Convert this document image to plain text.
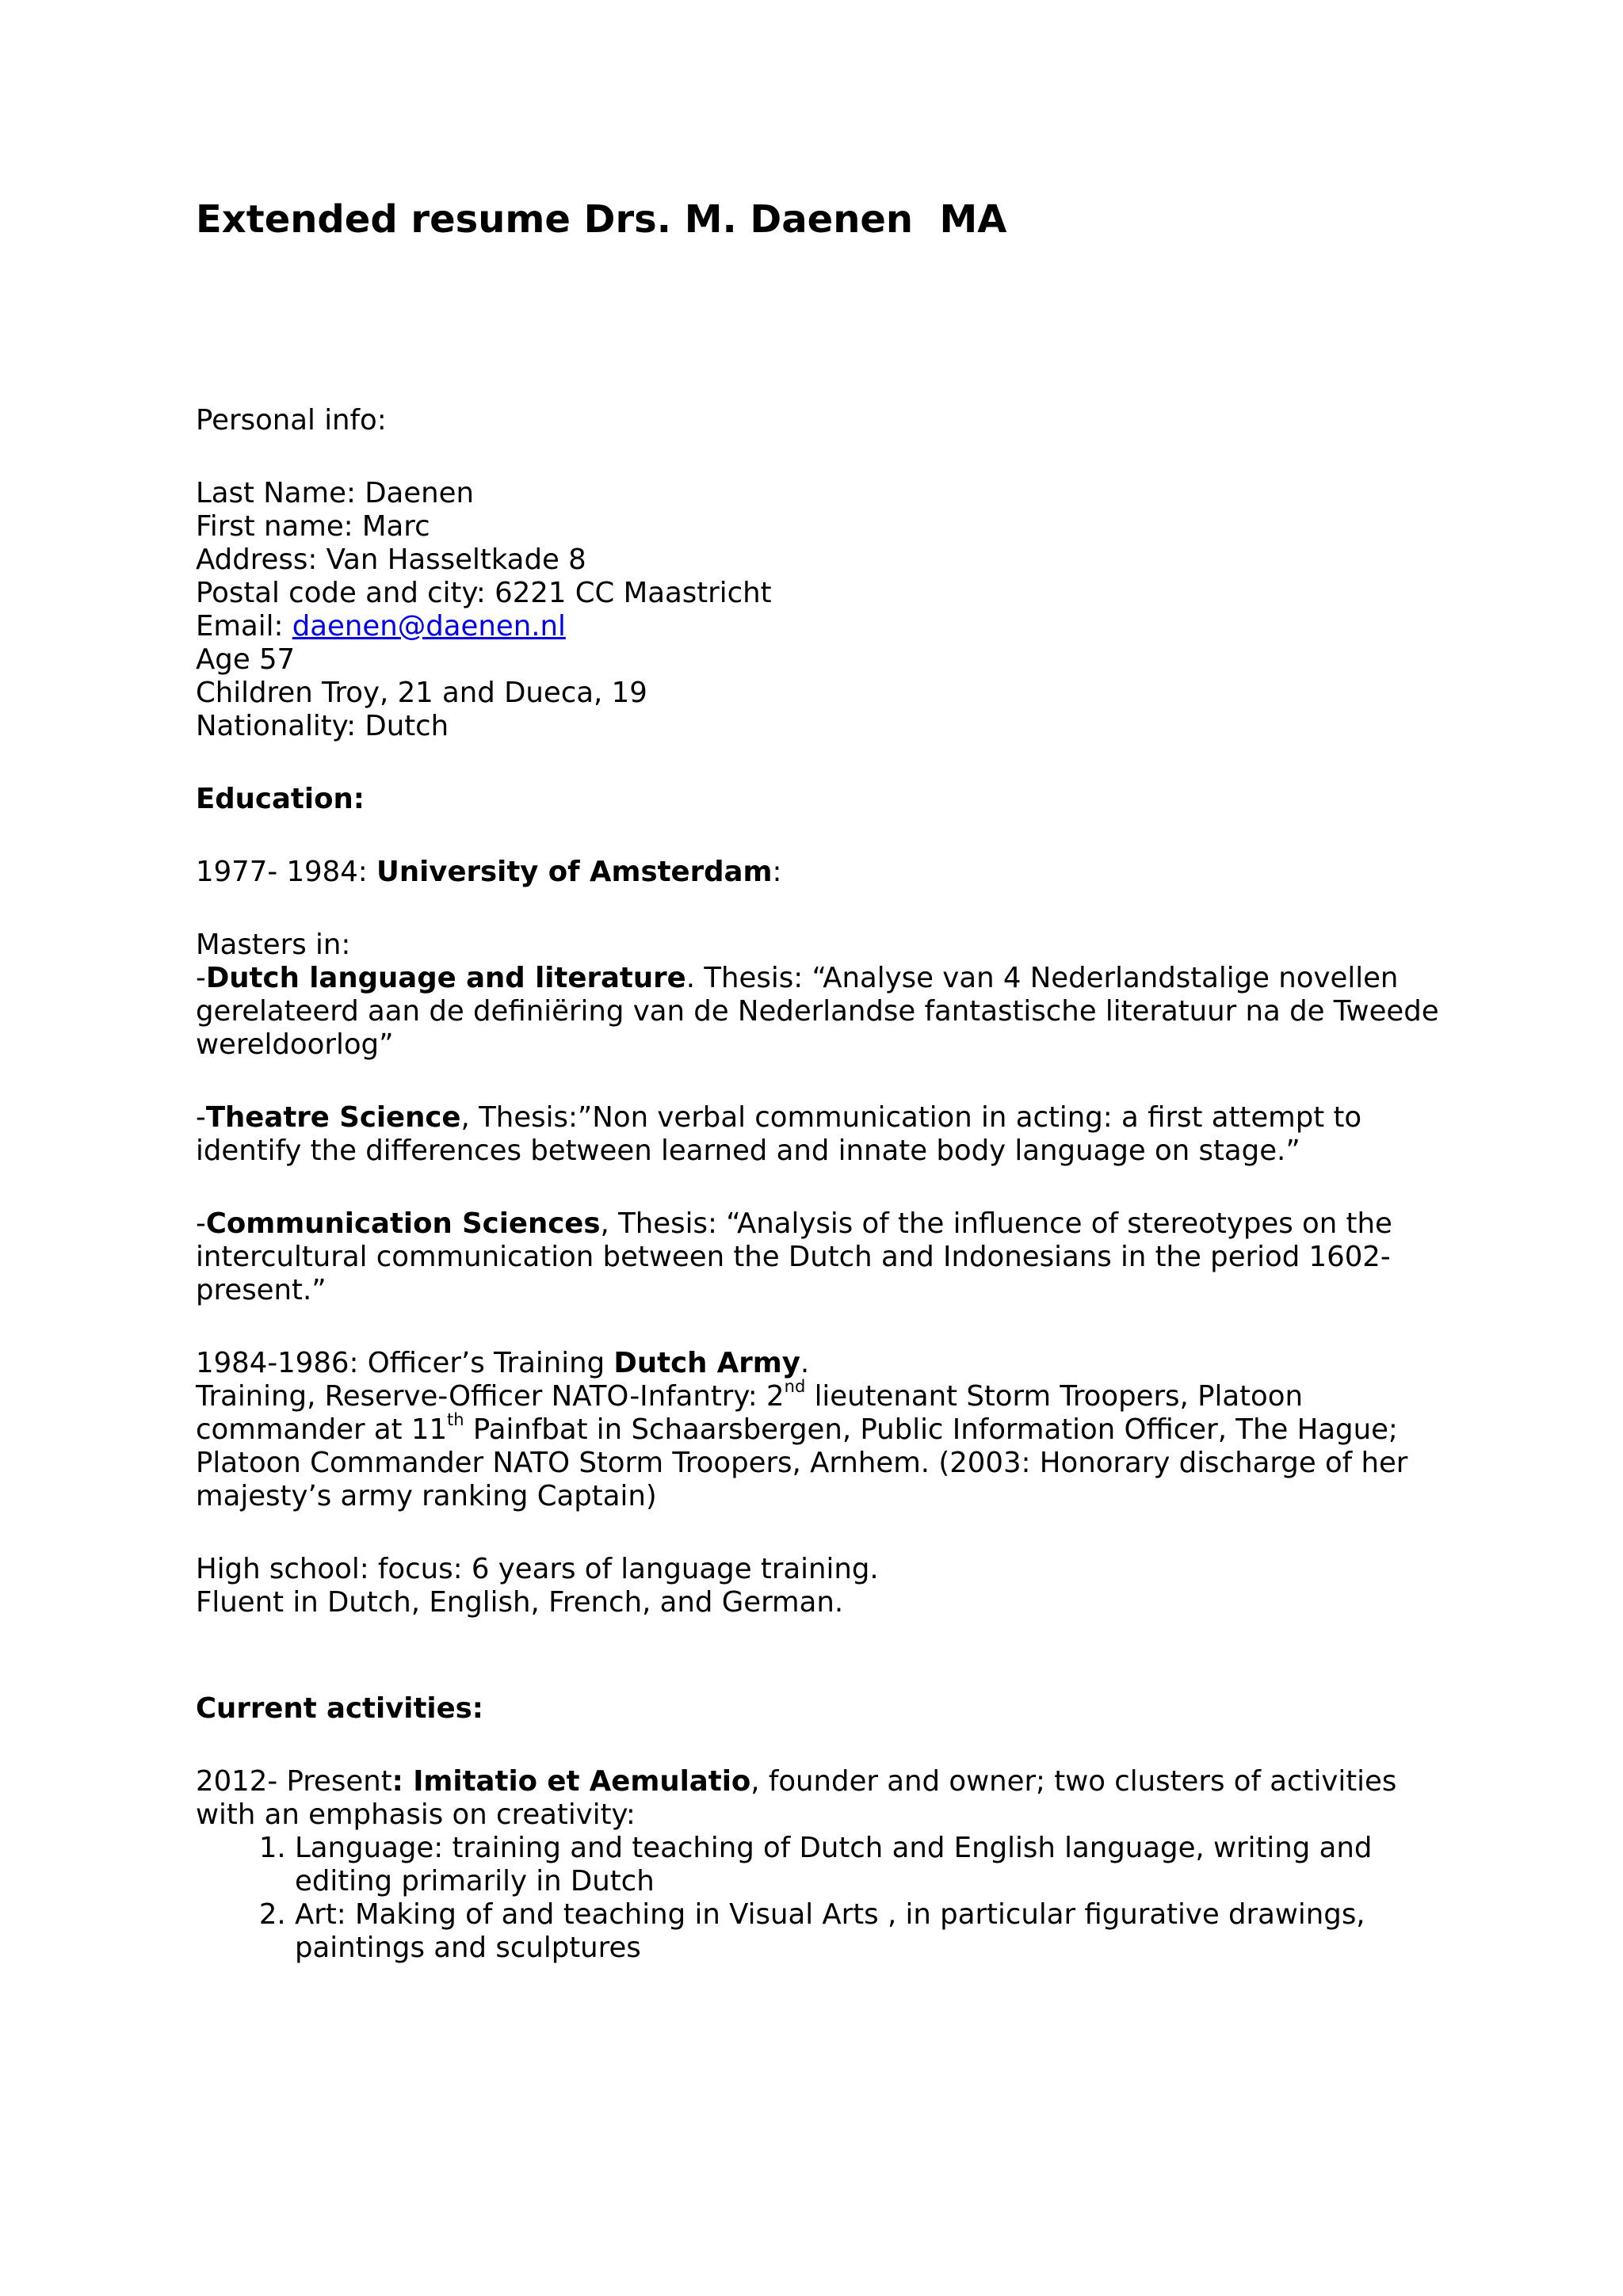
Extended resume Drs. M. Daenen  MA

Personal info:

Last Name: Daenen

First name: Marc

Address: Van Hasseltkade 8

Postal code and city: 6221 CC Maastricht

Email: daenen@daenen.nl

Age 57

Children Troy, 21 and Dueca, 19

Nationality: Dutch

Education:

1977- 1984: University of Amsterdam:

Masters in:

-Dutch language and literature. Thesis: “Analyse van 4 Nederlandstalige novellen gerelateerd aan de definiëring van de Nederlandse fantastische literatuur na de Tweede wereldoorlog”

-Theatre Science, Thesis:”Non verbal communication in acting: a first attempt to identify the differences between learned and innate body language on stage.”

-Communication Sciences, Thesis: “Analysis of the influence of stereotypes on the intercultural communication between the Dutch and Indonesians in the period 1602-present.”

1984-1986: Officer’s Training Dutch Army.

Training, Reserve-Officer NATO-Infantry: 2nd lieutenant Storm Troopers, Platoon commander at 11th Painfbat in Schaarsbergen, Public Information Officer, The Hague; Platoon Commander NATO Storm Troopers, Arnhem. (2003: Honorary discharge of her majesty’s army ranking Captain)

High school: focus: 6 years of language training.

Fluent in Dutch, English, French, and German.

Current activities:

2012- Present: Imitatio et Aemulatio, founder and owner; two clusters of activities with an emphasis on creativity:

1. Language: training and teaching of Dutch and English language, writing and editing primarily in Dutch
2. Art: Making of and teaching in Visual Arts , in particular figurative drawings, paintings and sculptures
